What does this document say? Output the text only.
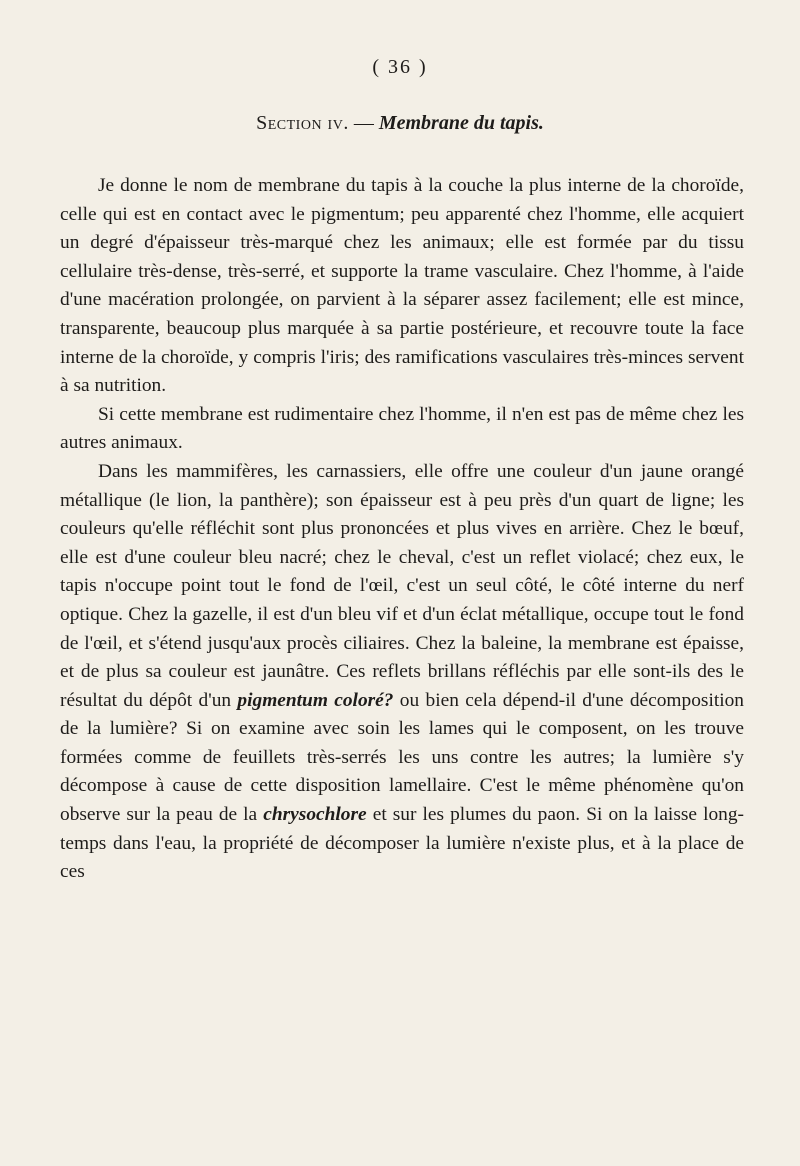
( 36 )
Section iv. — Membrane du tapis.

Je donne le nom de membrane du tapis à la couche la plus interne de la choroïde, celle qui est en contact avec le pigmentum; peu apparenté chez l'homme, elle acquiert un degré d'épaisseur très-marqué chez les animaux; elle est formée par du tissu cellulaire très-dense, très-serré, et supporte la trame vasculaire. Chez l'homme, à l'aide d'une macération prolongée, on parvient à la séparer assez facilement; elle est mince, transparente, beaucoup plus marquée à sa partie postérieure, et recouvre toute la face interne de la choroïde, y compris l'iris; des ramifications vasculaires très-minces servent à sa nutrition.

Si cette membrane est rudimentaire chez l'homme, il n'en est pas de même chez les autres animaux.

Dans les mammifères, les carnassiers, elle offre une couleur d'un jaune orangé métallique (le lion, la panthère); son épaisseur est à peu près d'un quart de ligne; les couleurs qu'elle réfléchit sont plus prononcées et plus vives en arrière. Chez le bœuf, elle est d'une couleur bleu nacré; chez le cheval, c'est un reflet violacé; chez eux, le tapis n'occupe point tout le fond de l'œil, c'est un seul côté, le côté interne du nerf optique. Chez la gazelle, il est d'un bleu vif et d'un éclat métallique, occupe tout le fond de l'œil, et s'étend jusqu'aux procès ciliaires. Chez la baleine, la membrane est épaisse, et de plus sa couleur est jaunâtre. Ces reflets brillans réfléchis par elle sont-ils des le résultat du dépôt d'un pigmentum coloré? ou bien cela dépend-il d'une décomposition de la lumière? Si on examine avec soin les lames qui le composent, on les trouve formées comme de feuillets très-serrés les uns contre les autres; la lumière s'y décompose à cause de cette disposition lamellaire. C'est le même phénomène qu'on observe sur la peau de la chrysochlore et sur les plumes du paon. Si on la laisse long-temps dans l'eau, la propriété de décomposer la lumière n'existe plus, et à la place de ces
